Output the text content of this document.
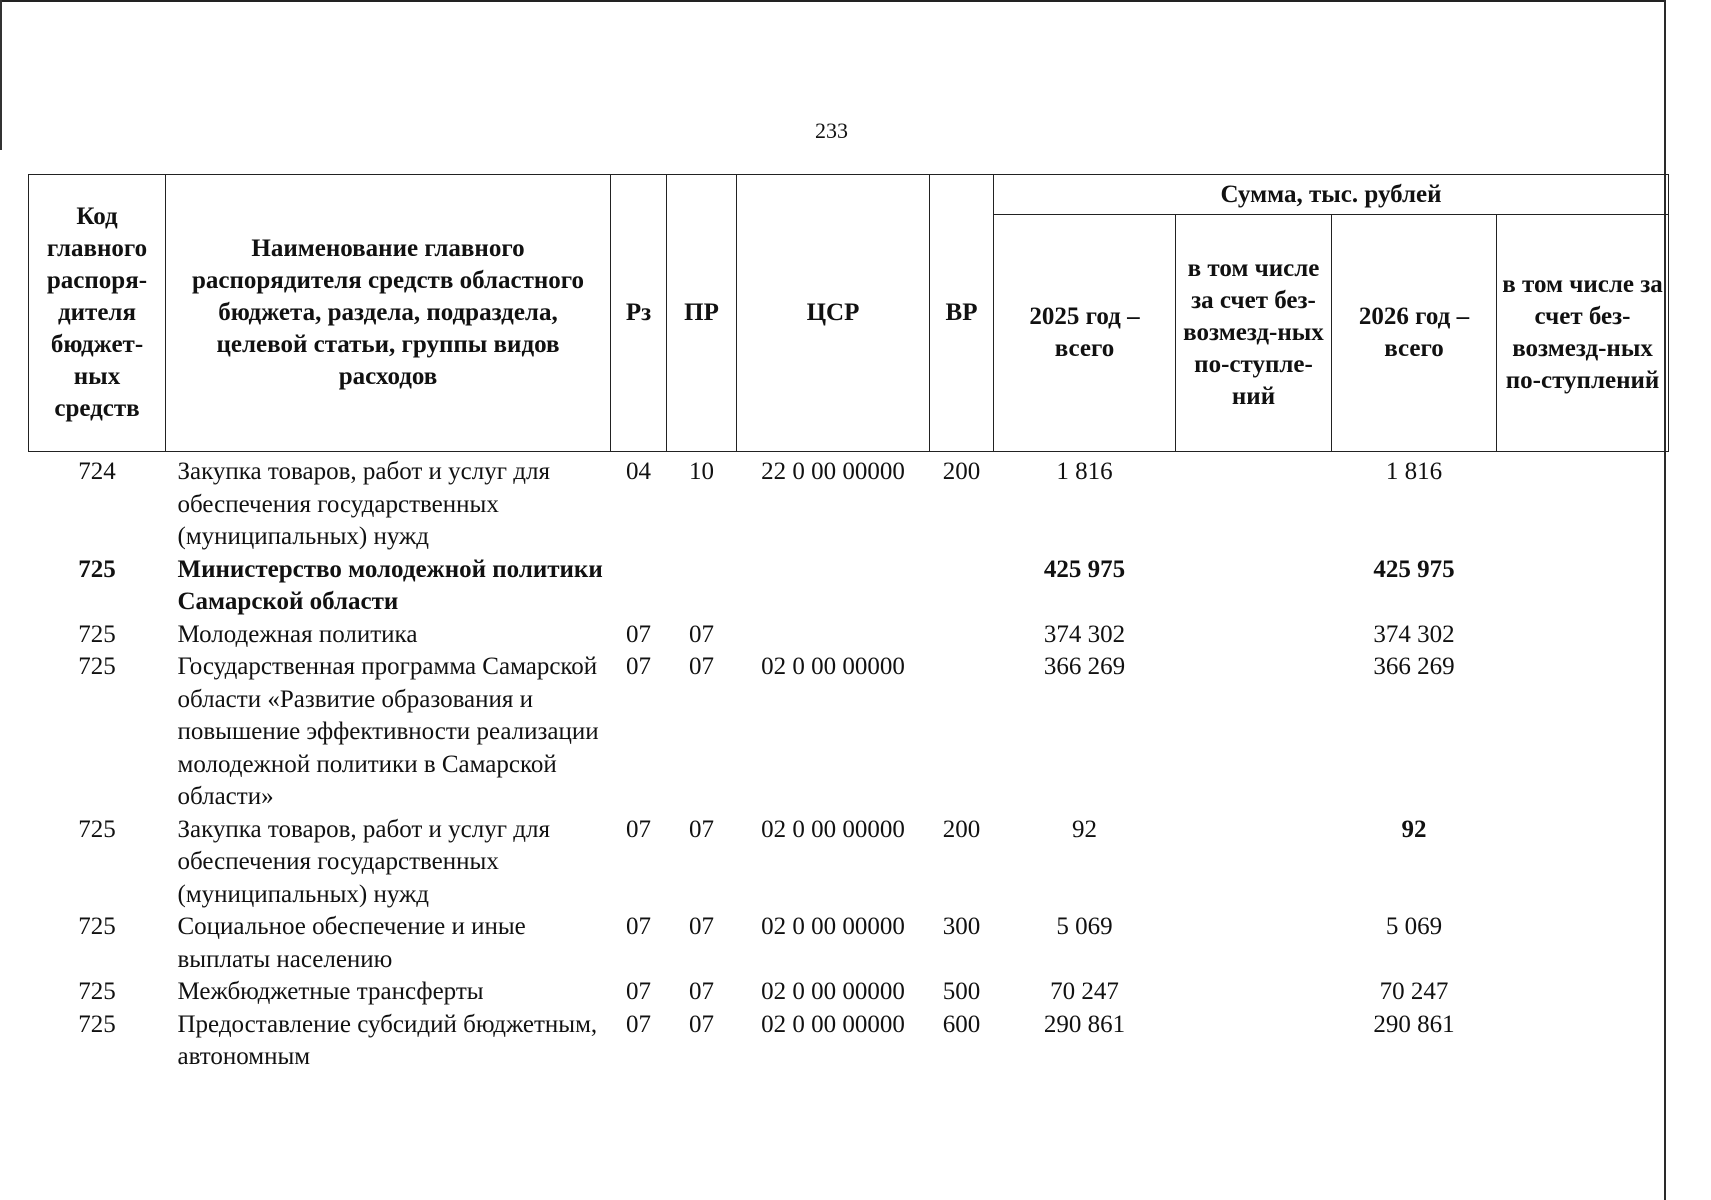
233
Код главного распоря-дителя бюджет-ных средств	Наименование главного распорядителя средств областного бюджета, раздела, подраздела, целевой статьи, группы видов расходов	Рз	ПР	ЦСР	ВР	Сумма, тыс. рублей			
						2025 год – всего	в том числе за счет без-возмезд-ных по-ступле-ний	2026 год – всего	в том числе за счет без-возмезд-ных по-ступлений
724	Закупка товаров, работ и услуг для обеспечения государственных (муниципальных) нужд	04	10	22 0 00 00000	200	1 816		1 816	
725	Министерство молодежной политики Самарской области					425 975		425 975	
725	Молодежная политика	07	07			374 302		374 302	
725	Государственная программа Самарской области «Развитие образования и повышение эффективности реализации молодежной политики в Самарской области»	07	07	02 0 00 00000		366 269		366 269	
725	Закупка товаров, работ и услуг для обеспечения государственных (муниципальных) нужд	07	07	02 0 00 00000	200	92		92	
725	Социальное обеспечение и иные выплаты населению	07	07	02 0 00 00000	300	5 069		5 069	
725	Межбюджетные трансферты	07	07	02 0 00 00000	500	70 247		70 247	
725	Предоставление субсидий бюджетным, автономным	07	07	02 0 00 00000	600	290 861		290 861	
